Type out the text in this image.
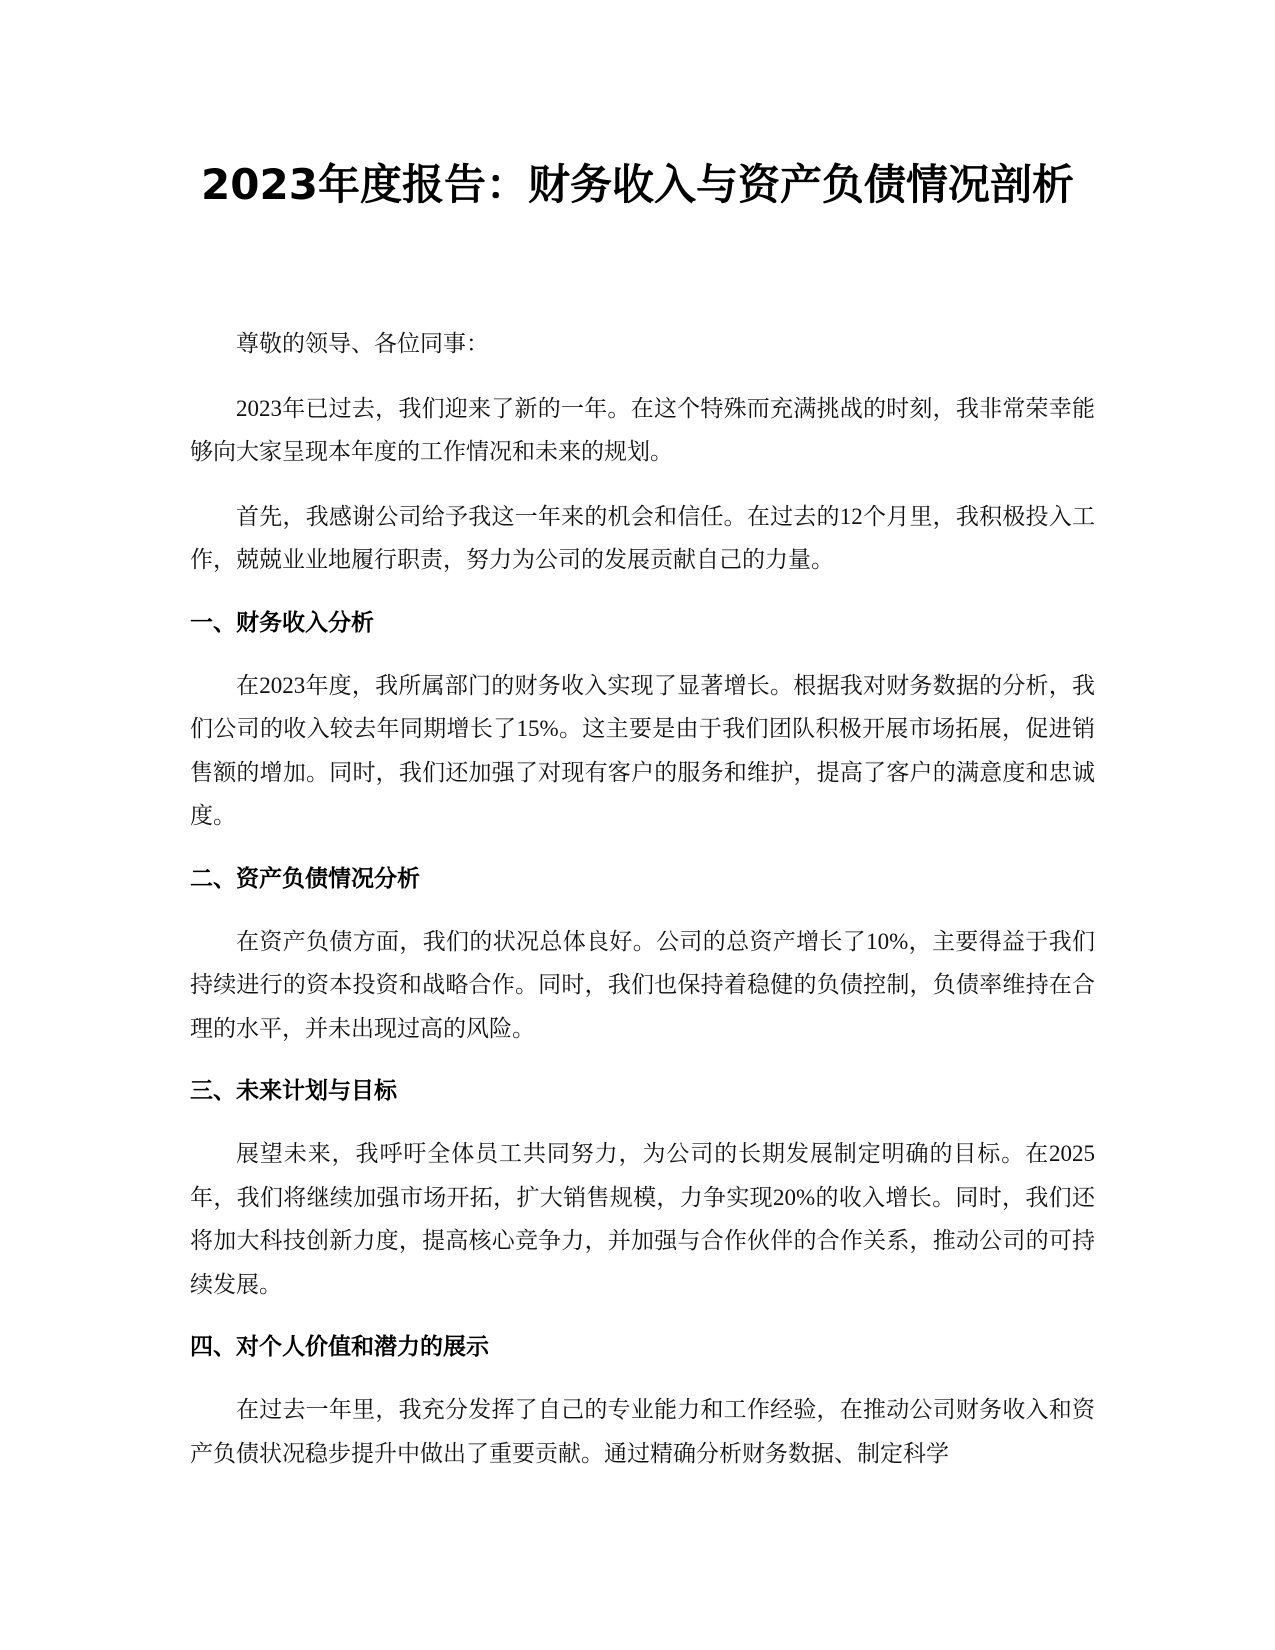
2023年度报告：财务收入与资产负债情况剖析

尊敬的领导、各位同事：

2023年已过去，我们迎来了新的一年。在这个特殊而充满挑战的时刻，我非常荣幸能够向大家呈现本年度的工作情况和未来的规划。

首先，我感谢公司给予我这一年来的机会和信任。在过去的12个月里，我积极投入工作，兢兢业业地履行职责，努力为公司的发展贡献自己的力量。

一、财务收入分析

在2023年度，我所属部门的财务收入实现了显著增长。根据我对财务数据的分析，我们公司的收入较去年同期增长了15%。这主要是由于我们团队积极开展市场拓展，促进销售额的增加。同时，我们还加强了对现有客户的服务和维护，提高了客户的满意度和忠诚度。

二、资产负债情况分析

在资产负债方面，我们的状况总体良好。公司的总资产增长了10%，主要得益于我们持续进行的资本投资和战略合作。同时，我们也保持着稳健的负债控制，负债率维持在合理的水平，并未出现过高的风险。

三、未来计划与目标

展望未来，我呼吁全体员工共同努力，为公司的长期发展制定明确的目标。在2025年，我们将继续加强市场开拓，扩大销售规模，力争实现20%的收入增长。同时，我们还将加大科技创新力度，提高核心竞争力，并加强与合作伙伴的合作关系，推动公司的可持续发展。

四、对个人价值和潜力的展示

在过去一年里，我充分发挥了自己的专业能力和工作经验，在推动公司财务收入和资产负债状况稳步提升中做出了重要贡献。通过精确分析财务数据、制定科学
